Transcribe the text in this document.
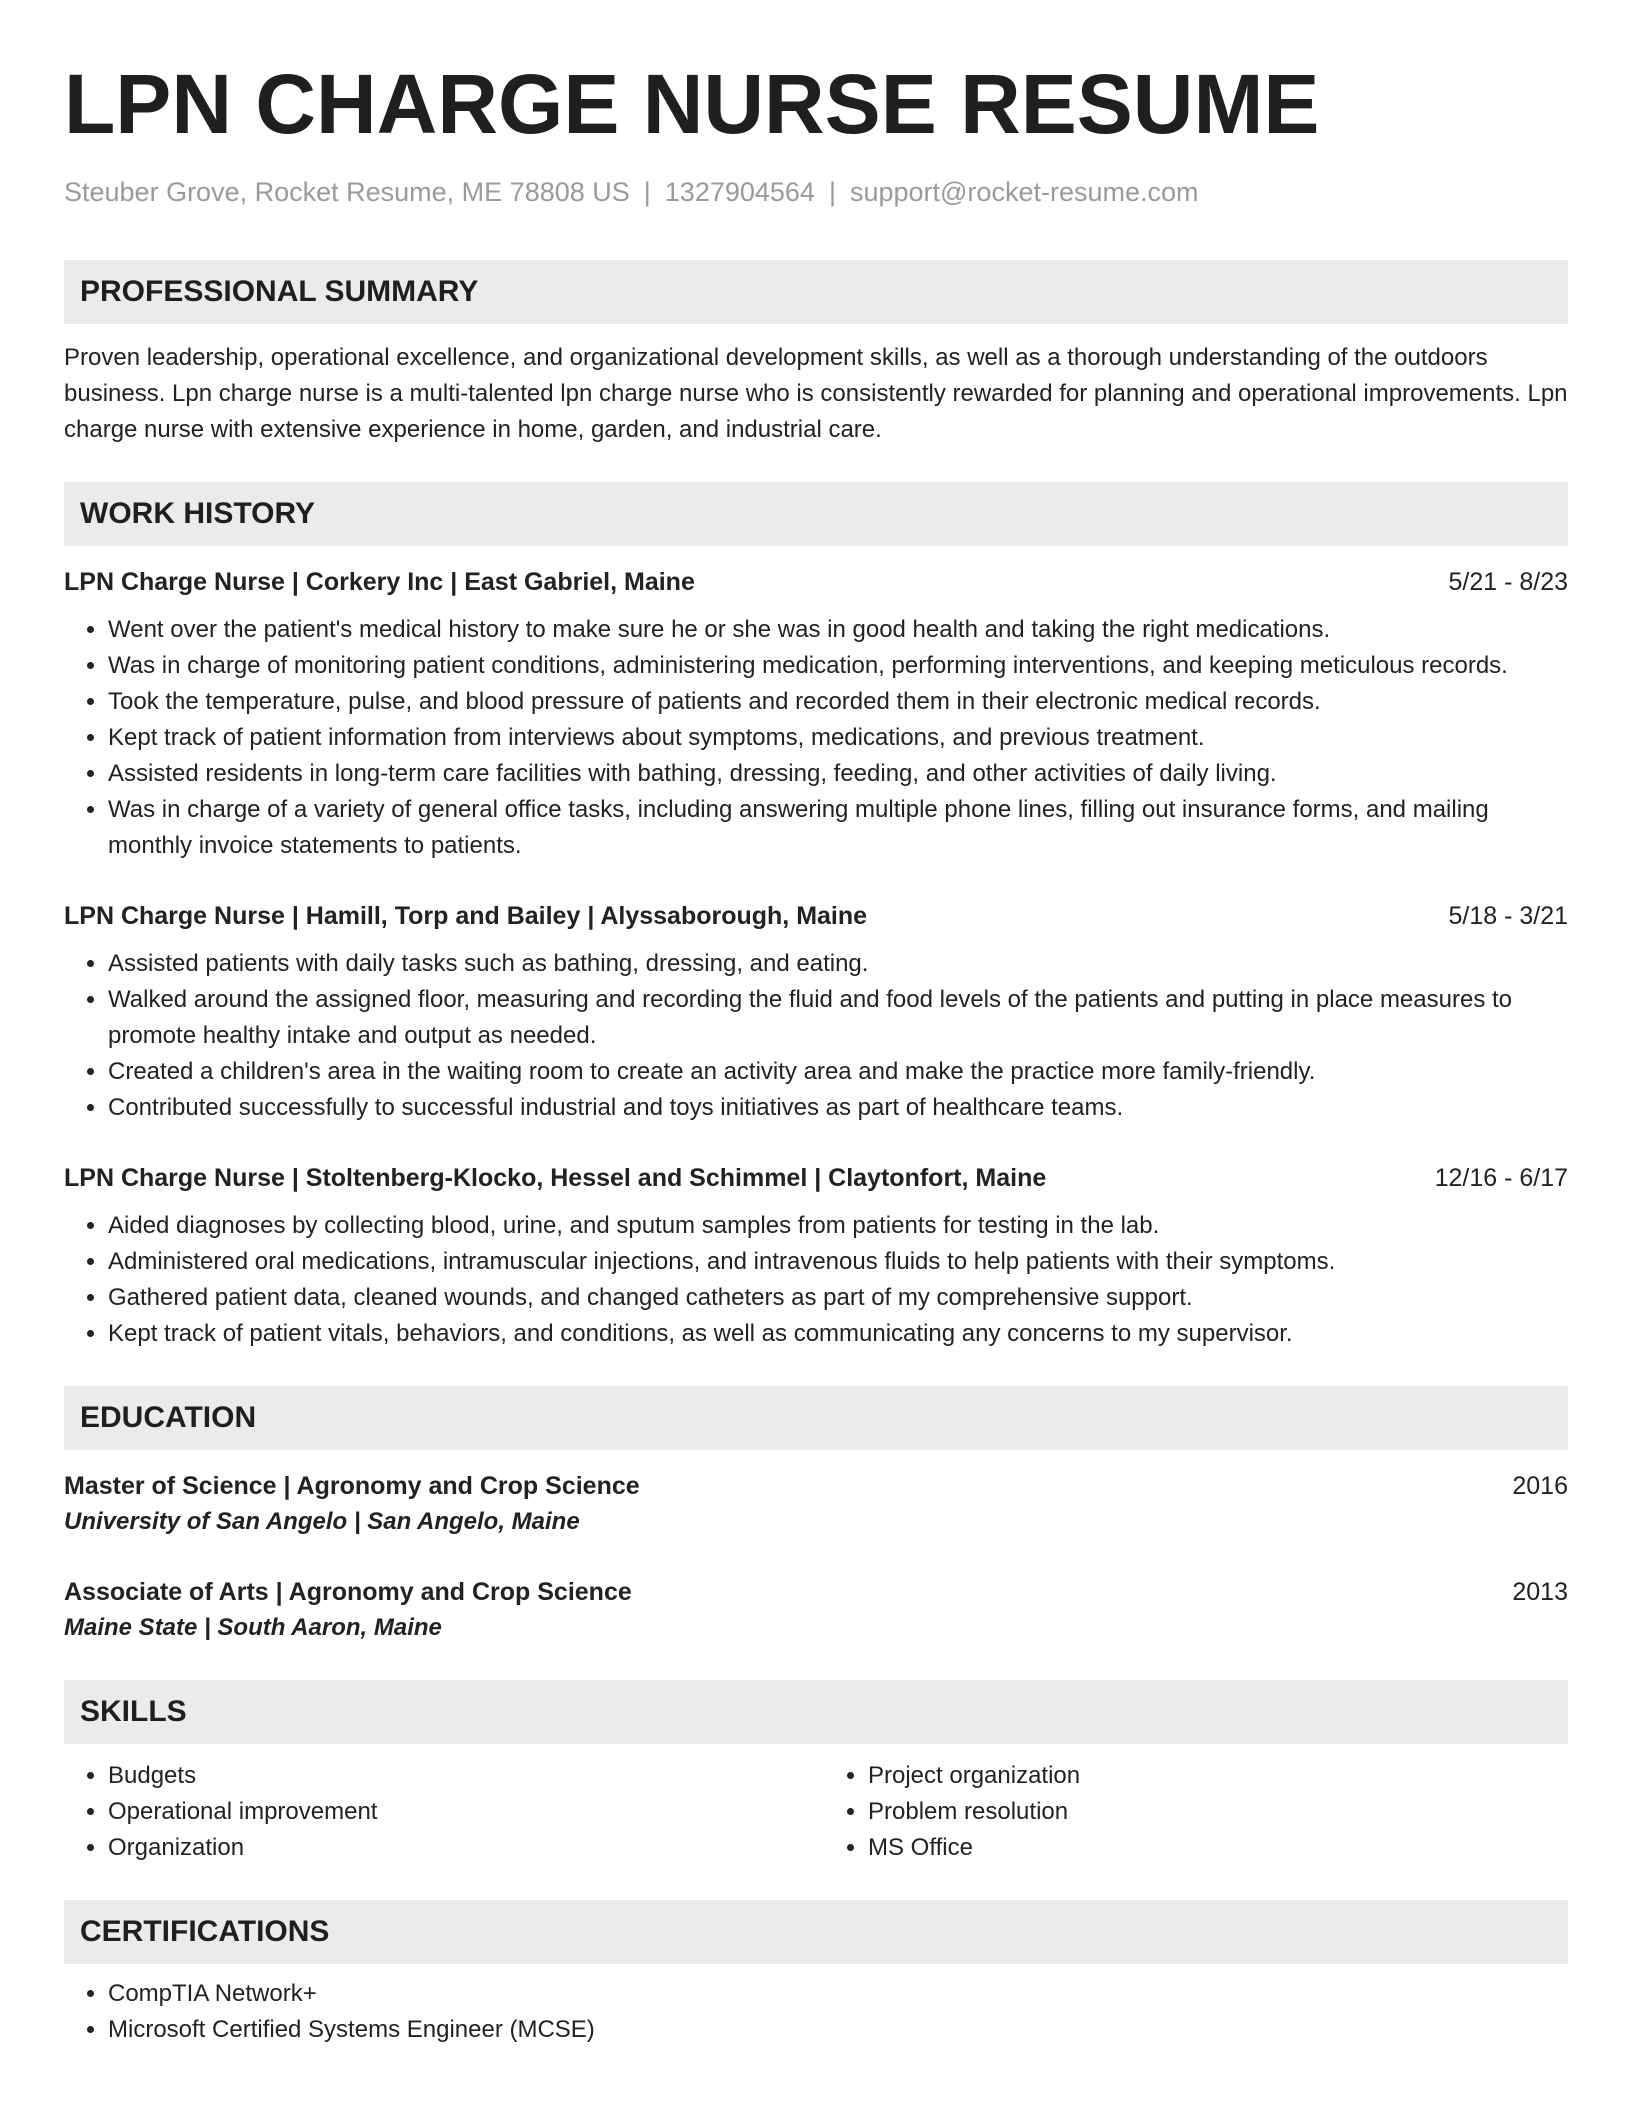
LPN CHARGE NURSE RESUME
Steuber Grove, Rocket Resume, ME 78808 US | 1327904564 | support@rocket-resume.com
PROFESSIONAL SUMMARY
Proven leadership, operational excellence, and organizational development skills, as well as a thorough understanding of the outdoors business. Lpn charge nurse is a multi-talented lpn charge nurse who is consistently rewarded for planning and operational improvements. Lpn charge nurse with extensive experience in home, garden, and industrial care.
WORK HISTORY
LPN Charge Nurse | Corkery Inc | East Gabriel, Maine	5/21 - 8/23
• Went over the patient's medical history to make sure he or she was in good health and taking the right medications.
• Was in charge of monitoring patient conditions, administering medication, performing interventions, and keeping meticulous records.
• Took the temperature, pulse, and blood pressure of patients and recorded them in their electronic medical records.
• Kept track of patient information from interviews about symptoms, medications, and previous treatment.
• Assisted residents in long-term care facilities with bathing, dressing, feeding, and other activities of daily living.
• Was in charge of a variety of general office tasks, including answering multiple phone lines, filling out insurance forms, and mailing monthly invoice statements to patients.
LPN Charge Nurse | Hamill, Torp and Bailey | Alyssaborough, Maine	5/18 - 3/21
• Assisted patients with daily tasks such as bathing, dressing, and eating.
• Walked around the assigned floor, measuring and recording the fluid and food levels of the patients and putting in place measures to promote healthy intake and output as needed.
• Created a children's area in the waiting room to create an activity area and make the practice more family-friendly.
• Contributed successfully to successful industrial and toys initiatives as part of healthcare teams.
LPN Charge Nurse | Stoltenberg-Klocko, Hessel and Schimmel | Claytonfort, Maine	12/16 - 6/17
• Aided diagnoses by collecting blood, urine, and sputum samples from patients for testing in the lab.
• Administered oral medications, intramuscular injections, and intravenous fluids to help patients with their symptoms.
• Gathered patient data, cleaned wounds, and changed catheters as part of my comprehensive support.
• Kept track of patient vitals, behaviors, and conditions, as well as communicating any concerns to my supervisor.
EDUCATION
Master of Science | Agronomy and Crop Science	2016
University of San Angelo | San Angelo, Maine
Associate of Arts | Agronomy and Crop Science	2013
Maine State | South Aaron, Maine
SKILLS
• Budgets
• Operational improvement
• Organization
• Project organization
• Problem resolution
• MS Office
CERTIFICATIONS
• CompTIA Network+
• Microsoft Certified Systems Engineer (MCSE)
